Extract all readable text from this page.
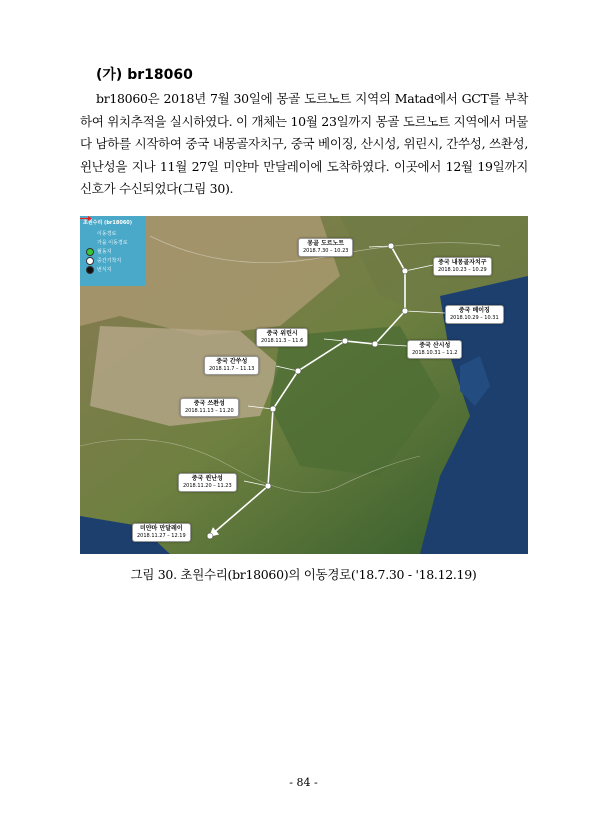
(가) br18060
br18060은 2018년 7월 30일에 몽골 도르노트 지역의 Matad에서 GCT를 부착하여 위치추적을 실시하였다. 이 개체는 10월 23일까지 몽골 도르노트 지역에서 머물다 남하를 시작하여 중국 내몽골자치구, 중국 베이징, 산시성, 위린시, 간쑤성, 쓰촨성, 윈난성을 지나 11월 27일 미얀마 만달레이에 도착하였다. 이곳에서 12월 19일까지 신호가 수신되었다(그림 30).
초원수리 (br18060)
이동경로
가을 이동경로
월동지
중간기착지
번식지
몽골 도르노트
2018.7.30 – 10.23
중국 내몽골자치구
2018.10.23 – 10.29
중국 베이징
2018.10.29 – 10.31
중국 산시성
2018.10.31 – 11.2
중국 위린시
2018.11.3 – 11.6
중국 간쑤성
2018.11.7 – 11.13
중국 쓰촨성
2018.11.13 – 11.20
중국 윈난성
2018.11.20 – 11.23
미얀마 만달레이
2018.11.27 – 12.19
그림 30. 초원수리(br18060)의 이동경로('18.7.30 - '18.12.19)
- 84 -
